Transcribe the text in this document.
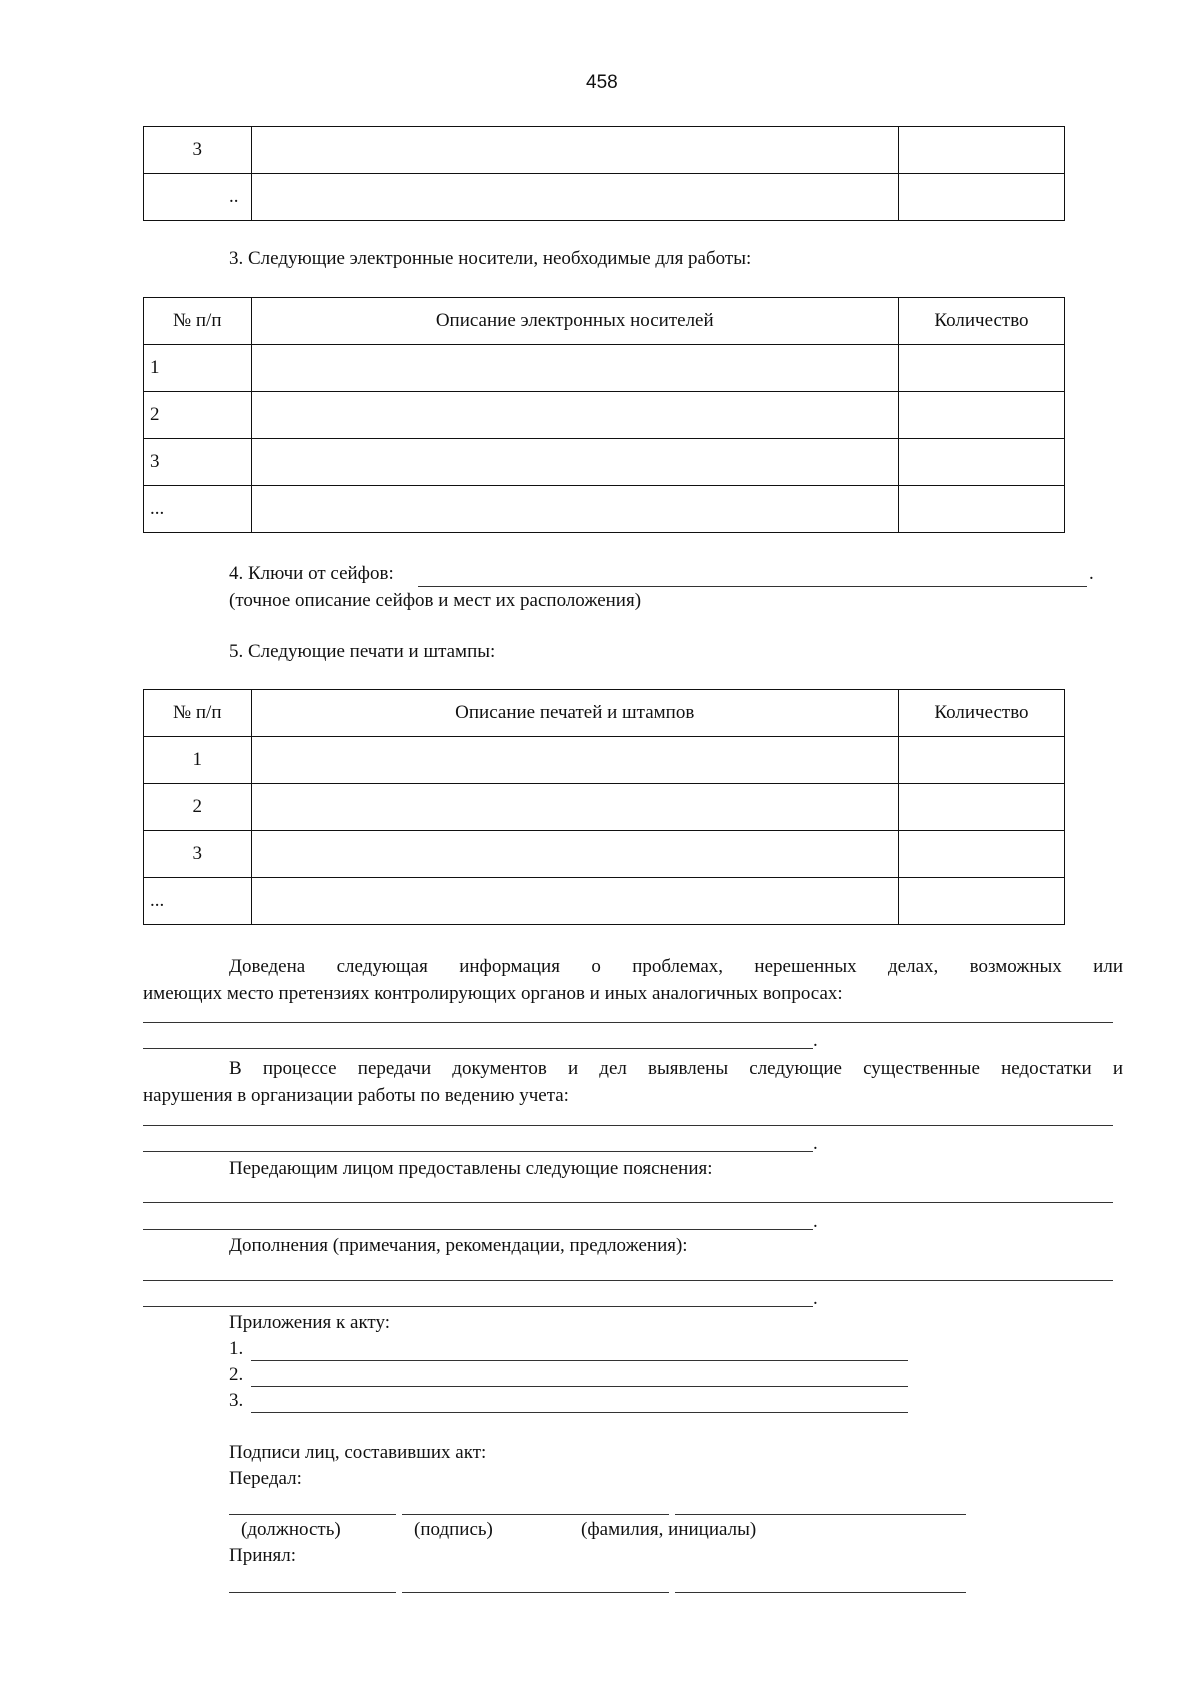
458
3		
..		
3. Следующие электронные носители, необходимые для работы:
№ п/п	Описание электронных носителей	Количество
1		
2		
3		
...		
4. Ключи от сейфов:	.
(точное описание сейфов и мест их расположения)
5. Следующие печати и штампы:
№ п/п	Описание печатей и штампов	Количество
1		
2		
3		
...		
Доведена следующая информация о проблемах, нерешенных делах, возможных или
имеющих место претензиях контролирующих органов и иных аналогичных вопросах:
.
В процессе передачи документов и дел выявлены следующие существенные недостатки и
нарушения в организации работы по ведению учета:
.
Передающим лицом предоставлены следующие пояснения:
.
Дополнения (примечания, рекомендации, предложения):
.
Приложения к акту:
1.
2.
3.
Подписи лиц, составивших акт:
Передал:
(должность)	(подпись)	(фамилия, инициалы)
Принял:
